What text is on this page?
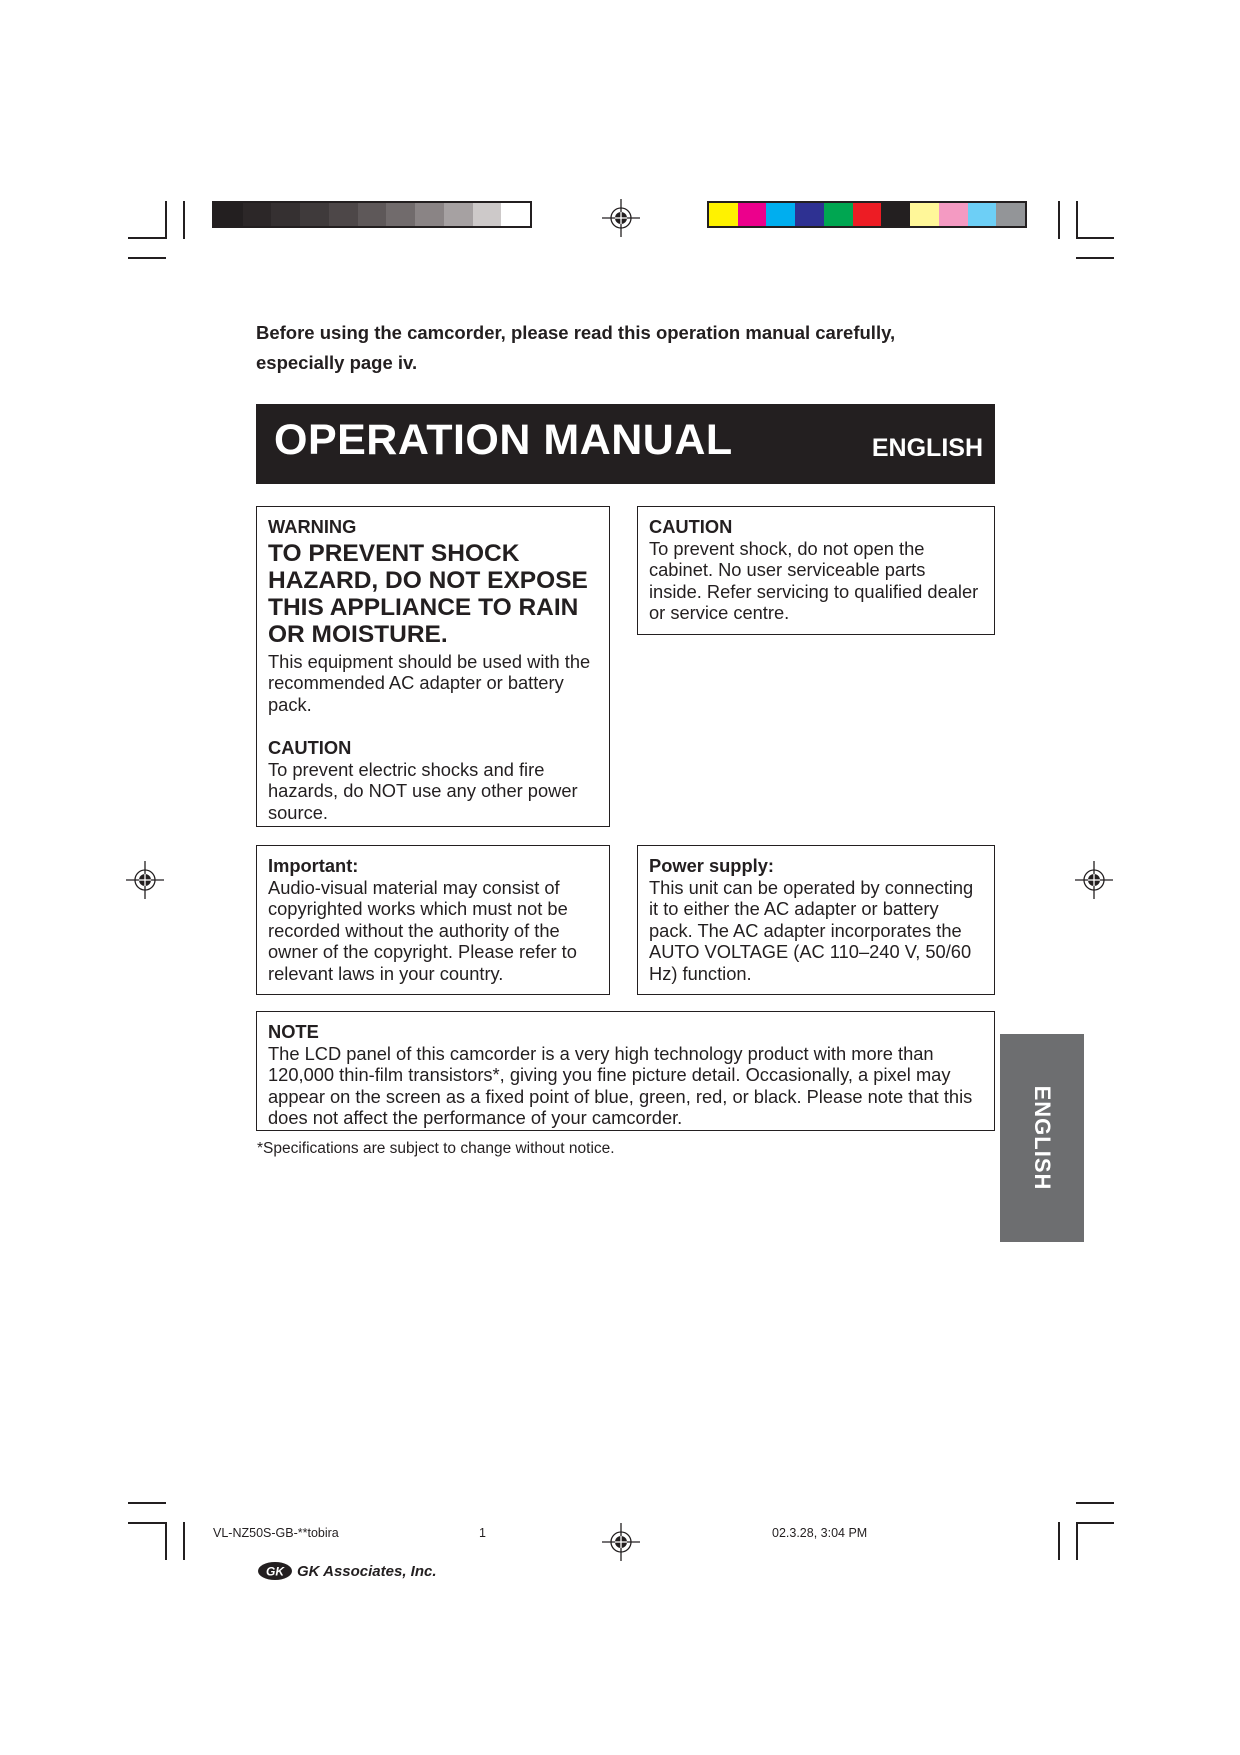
Before using the camcorder, please read this operation manual carefully,
especially page iv.
OPERATION MANUAL	ENGLISH
WARNING
TO PREVENT SHOCK HAZARD, DO NOT EXPOSE THIS APPLIANCE TO RAIN OR MOISTURE.
This equipment should be used with the recommended AC adapter or battery pack.
CAUTION
To prevent electric shocks and fire hazards, do NOT use any other power source.
CAUTION
To prevent shock, do not open the cabinet. No user serviceable parts inside. Refer servicing to qualified dealer or service centre.
Important:
Audio-visual material may consist of copyrighted works which must not be recorded without the authority of the owner of the copyright. Please refer to relevant laws in your country.
Power supply:
This unit can be operated by connecting it to either the AC adapter or battery pack. The AC adapter incorporates the AUTO VOLTAGE (AC 110–240 V, 50/60 Hz) function.
NOTE
The LCD panel of this camcorder is a very high technology product with more than 120,000 thin-film transistors*, giving you fine picture detail. Occasionally, a pixel may appear on the screen as a fixed point of blue, green, red, or black. Please note that this does not affect the performance of your camcorder.
*Specifications are subject to change without notice.	ENGLISH
VL-NZ50S-GB-**tobira	1	02.3.28, 3:04 PM
GK GK Associates, Inc.
